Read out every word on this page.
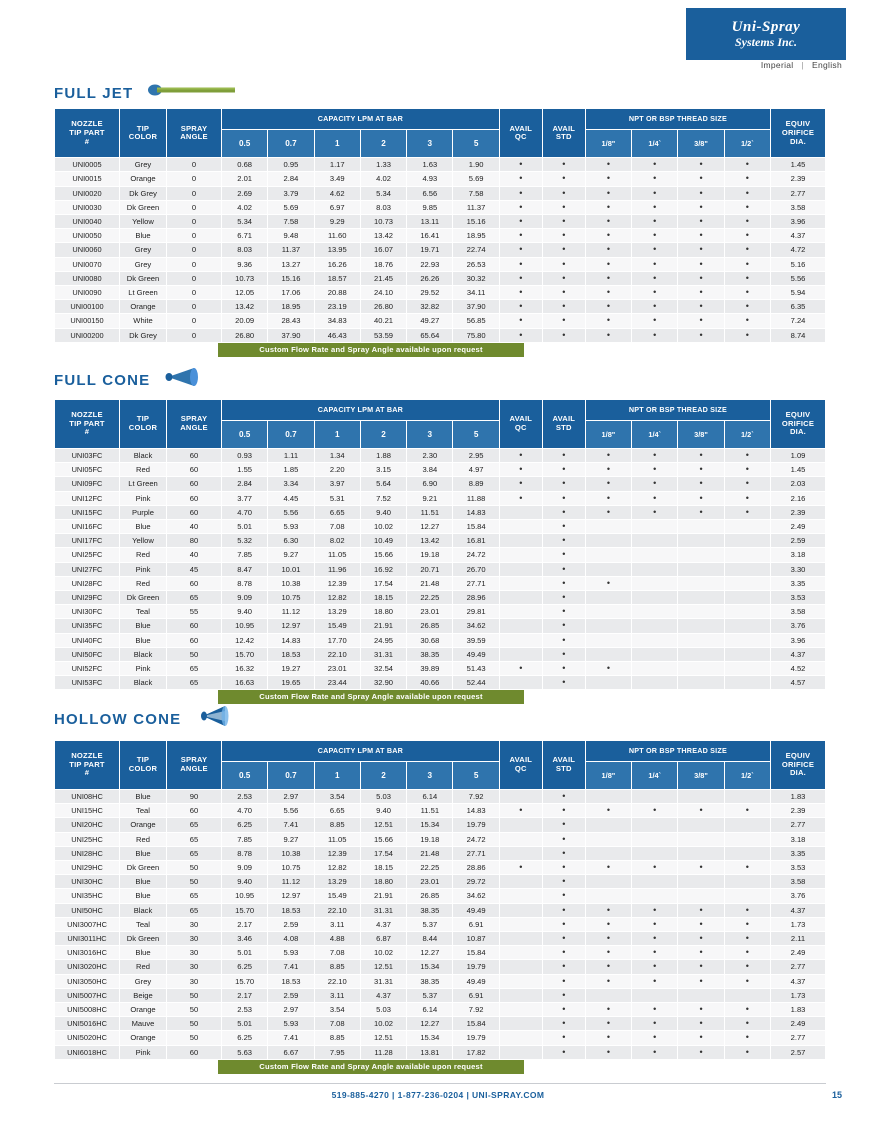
Uni-Spray
Systems Inc.
Imperial | English
FULL JET
NOZZLE
TIP PART
#	TIP
COLOR	SPRAY
ANGLE	CAPACITY LPM AT BAR						AVAIL
QC	AVAIL
STD	NPT OR BSP THREAD SIZE				EQUIV
ORIFICE
DIA.
			0.5	0.7	1	2	3	5			1/8"	1/4`	3/8"	1/2`	
UNI0005	Grey	0	0.68	0.95	1.17	1.33	1.63	1.90	•	•	•	•	•	•	1.45
UNI0015	Orange	0	2.01	2.84	3.49	4.02	4.93	5.69	•	•	•	•	•	•	2.39
UNI0020	Dk Grey	0	2.69	3.79	4.62	5.34	6.56	7.58	•	•	•	•	•	•	2.77
UNI0030	Dk Green	0	4.02	5.69	6.97	8.03	9.85	11.37	•	•	•	•	•	•	3.58
UNI0040	Yellow	0	5.34	7.58	9.29	10.73	13.11	15.16	•	•	•	•	•	•	3.96
UNI0050	Blue	0	6.71	9.48	11.60	13.42	16.41	18.95	•	•	•	•	•	•	4.37
UNI0060	Grey	0	8.03	11.37	13.95	16.07	19.71	22.74	•	•	•	•	•	•	4.72
UNI0070	Grey	0	9.36	13.27	16.26	18.76	22.93	26.53	•	•	•	•	•	•	5.16
UNI0080	Dk Green	0	10.73	15.16	18.57	21.45	26.26	30.32	•	•	•	•	•	•	5.56
UNI0090	Lt Green	0	12.05	17.06	20.88	24.10	29.52	34.11	•	•	•	•	•	•	5.94
UNI00100	Orange	0	13.42	18.95	23.19	26.80	32.82	37.90	•	•	•	•	•	•	6.35
UNI00150	White	0	20.09	28.43	34.83	40.21	49.27	56.85	•	•	•	•	•	•	7.24
UNI00200	Dk Grey	0	26.80	37.90	46.43	53.59	65.64	75.80	•	•	•	•	•	•	8.74
Custom Flow Rate and Spray Angle available upon request
FULL CONE
NOZZLE
TIP PART
#	TIP
COLOR	SPRAY
ANGLE	CAPACITY LPM AT BAR						AVAIL
QC	AVAIL
STD	NPT OR BSP THREAD SIZE				EQUIV
ORIFICE
DIA.
			0.5	0.7	1	2	3	5			1/8"	1/4`	3/8"	1/2`	
UNI03FC	Black	60	0.93	1.11	1.34	1.88	2.30	2.95	•	•	•	•	•	•	1.09
UNI05FC	Red	60	1.55	1.85	2.20	3.15	3.84	4.97	•	•	•	•	•	•	1.45
UNI09FC	Lt Green	60	2.84	3.34	3.97	5.64	6.90	8.89	•	•	•	•	•	•	2.03
UNI12FC	Pink	60	3.77	4.45	5.31	7.52	9.21	11.88	•	•	•	•	•	•	2.16
UNI15FC	Purple	60	4.70	5.56	6.65	9.40	11.51	14.83		•	•	•	•	•	2.39
UNI16FC	Blue	40	5.01	5.93	7.08	10.02	12.27	15.84		•					2.49
UNI17FC	Yellow	80	5.32	6.30	8.02	10.49	13.42	16.81		•					2.59
UNI25FC	Red	40	7.85	9.27	11.05	15.66	19.18	24.72		•					3.18
UNI27FC	Pink	45	8.47	10.01	11.96	16.92	20.71	26.70		•					3.30
UNI28FC	Red	60	8.78	10.38	12.39	17.54	21.48	27.71		•	•				3.35
UNI29FC	Dk Green	65	9.09	10.75	12.82	18.15	22.25	28.96		•					3.53
UNI30FC	Teal	55	9.40	11.12	13.29	18.80	23.01	29.81		•					3.58
UNI35FC	Blue	60	10.95	12.97	15.49	21.91	26.85	34.62		•					3.76
UNI40FC	Blue	60	12.42	14.83	17.70	24.95	30.68	39.59		•					3.96
UNI50FC	Black	50	15.70	18.53	22.10	31.31	38.35	49.49		•					4.37
UNI52FC	Pink	65	16.32	19.27	23.01	32.54	39.89	51.43	•	•	•				4.52
UNI53FC	Black	65	16.63	19.65	23.44	32.90	40.66	52.44		•					4.57
Custom Flow Rate and Spray Angle available upon request
HOLLOW CONE
NOZZLE
TIP PART
#	TIP
COLOR	SPRAY
ANGLE	CAPACITY LPM AT BAR						AVAIL
QC	AVAIL
STD	NPT OR BSP THREAD SIZE				EQUIV
ORIFICE
DIA.
			0.5	0.7	1	2	3	5			1/8"	1/4`	3/8"	1/2`	
UNI08HC	Blue	90	2.53	2.97	3.54	5.03	6.14	7.92		•					1.83
UNI15HC	Teal	60	4.70	5.56	6.65	9.40	11.51	14.83	•	•	•	•	•	•	2.39
UNI20HC	Orange	65	6.25	7.41	8.85	12.51	15.34	19.79		•					2.77
UNI25HC	Red	65	7.85	9.27	11.05	15.66	19.18	24.72		•					3.18
UNI28HC	Blue	65	8.78	10.38	12.39	17.54	21.48	27.71		•					3.35
UNI29HC	Dk Green	50	9.09	10.75	12.82	18.15	22.25	28.86	•	•	•	•	•	•	3.53
UNI30HC	Blue	50	9.40	11.12	13.29	18.80	23.01	29.72		•					3.58
UNI35HC	Blue	65	10.95	12.97	15.49	21.91	26.85	34.62		•					3.76
UNI50HC	Black	65	15.70	18.53	22.10	31.31	38.35	49.49		•	•	•	•	•	4.37
UNI3007HC	Teal	30	2.17	2.59	3.11	4.37	5.37	6.91		•	•	•	•	•	1.73
UNI3011HC	Dk Green	30	3.46	4.08	4.88	6.87	8.44	10.87		•	•	•	•	•	2.11
UNI3016HC	Blue	30	5.01	5.93	7.08	10.02	12.27	15.84		•	•	•	•	•	2.49
UNI3020HC	Red	30	6.25	7.41	8.85	12.51	15.34	19.79		•	•	•	•	•	2.77
UNI3050HC	Grey	30	15.70	18.53	22.10	31.31	38.35	49.49		•	•	•	•	•	4.37
UNI5007HC	Beige	50	2.17	2.59	3.11	4.37	5.37	6.91		•					1.73
UNI5008HC	Orange	50	2.53	2.97	3.54	5.03	6.14	7.92		•	•	•	•	•	1.83
UNI5016HC	Mauve	50	5.01	5.93	7.08	10.02	12.27	15.84		•	•	•	•	•	2.49
UNI5020HC	Orange	50	6.25	7.41	8.85	12.51	15.34	19.79		•	•	•	•	•	2.77
UNI6018HC	Pink	60	5.63	6.67	7.95	11.28	13.81	17.82		•	•	•	•	•	2.57
Custom Flow Rate and Spray Angle available upon request
519-885-4270 | 1-877-236-0204 | UNI-SPRAY.COM	15
